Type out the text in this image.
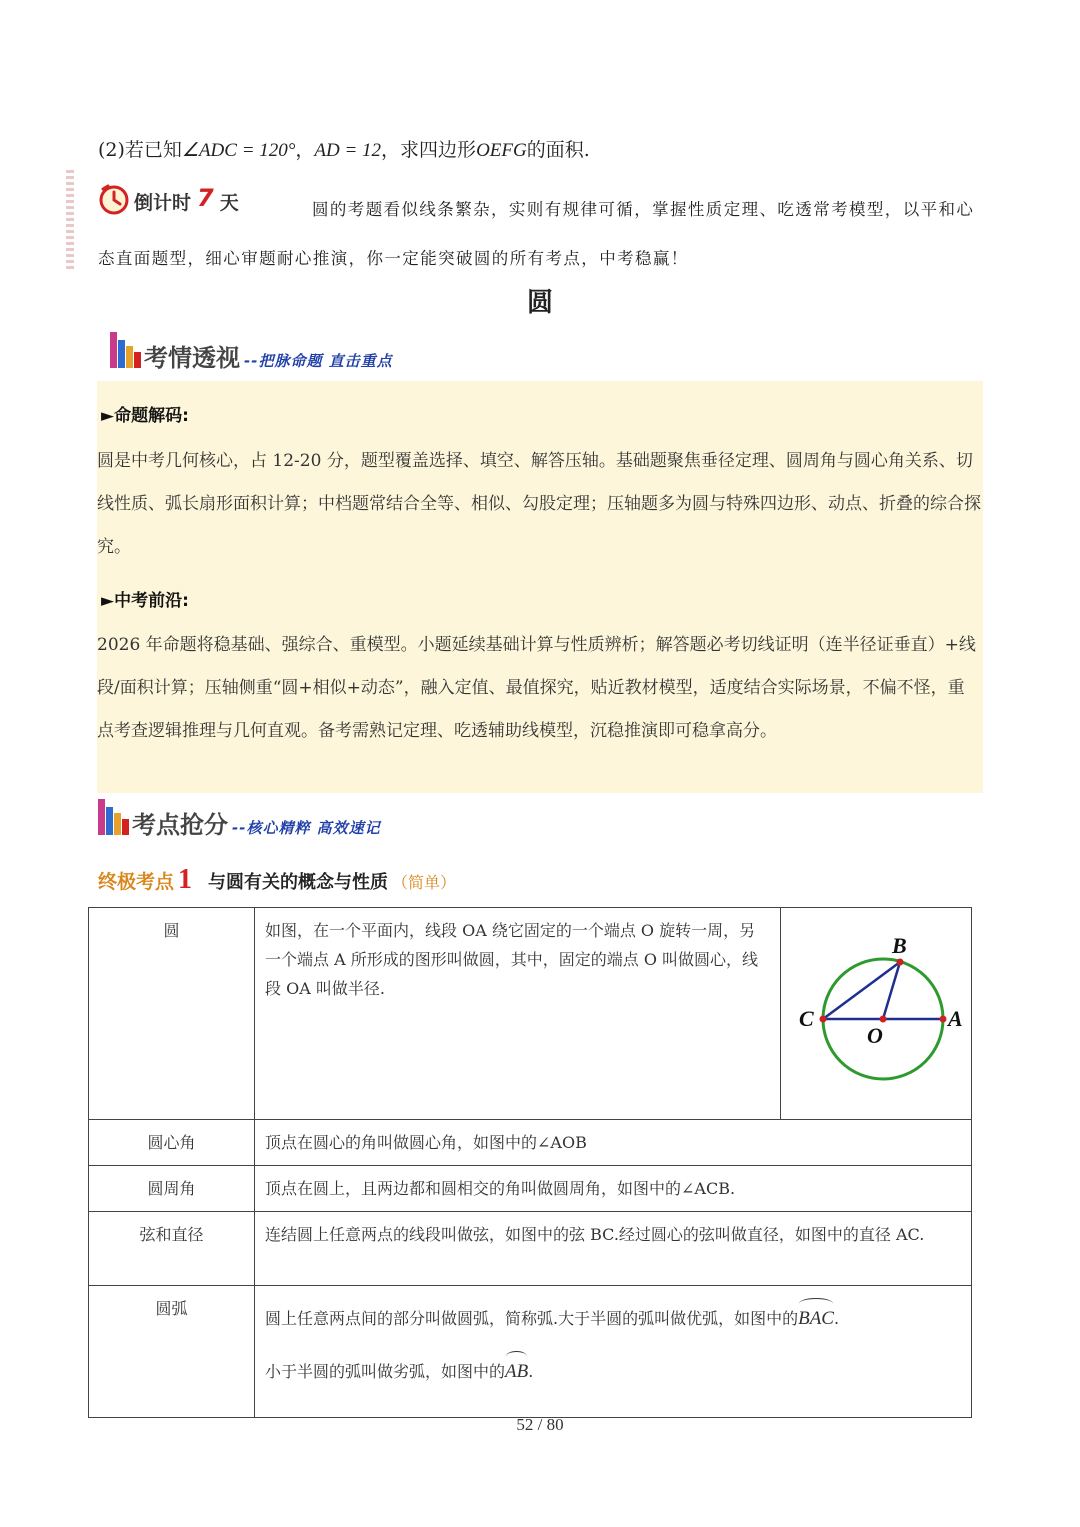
(2)若已知∠ADC = 120°，AD = 12，求四边形OEFG的面积.
圆的考题看似线条繁杂，实则有规律可循，掌握性质定理、吃透常考模型，以平和心态直面题型，细心审题耐心推演，你一定能突破圆的所有考点，中考稳赢！
倒计时 7 天
圆
考情透视 --把脉命题 直击重点
►命题解码:
圆是中考几何核心，占 12-20 分，题型覆盖选择、填空、解答压轴。基础题聚焦垂径定理、圆周角与圆心角关系、切线性质、弧长扇形面积计算；中档题常结合全等、相似、勾股定理；压轴题多为圆与特殊四边形、动点、折叠的综合探究。
►中考前沿:
2026 年命题将稳基础、强综合、重模型。小题延续基础计算与性质辨析；解答题必考切线证明（连半径证垂直）+线段/面积计算；压轴侧重“圆+相似+动态”，融入定值、最值探究，贴近教材模型，适度结合实际场景，不偏不怪，重点考查逻辑推理与几何直观。备考需熟记定理、吃透辅助线模型，沉稳推演即可稳拿高分。
考点抢分 --核心精粹 高效速记
终极考点 1 与圆有关的概念与性质 （简单）
圆	如图，在一个平面内，线段 OA 绕它固定的一个端点 O 旋转一周，另一个端点 A 所形成的图形叫做圆，其中，固定的端点 O 叫做圆心，线段 OA 叫做半径.	B
C
O
A

圆心角	顶点在圆心的角叫做圆心角，如图中的∠AOB	
圆周角	顶点在圆上，且两边都和圆相交的角叫做圆周角，如图中的∠ACB.	
弦和直径	连结圆上任意两点的线段叫做弦，如图中的弦 BC.经过圆心的弦叫做直径，如图中的直径 AC.	
圆弧	圆上任意两点间的部分叫做圆弧，简称弧.大于半圆的弧叫做优弧，如图中的BAC.
小于半圆的弧叫做劣弧，如图中的AB.	
52 / 80
